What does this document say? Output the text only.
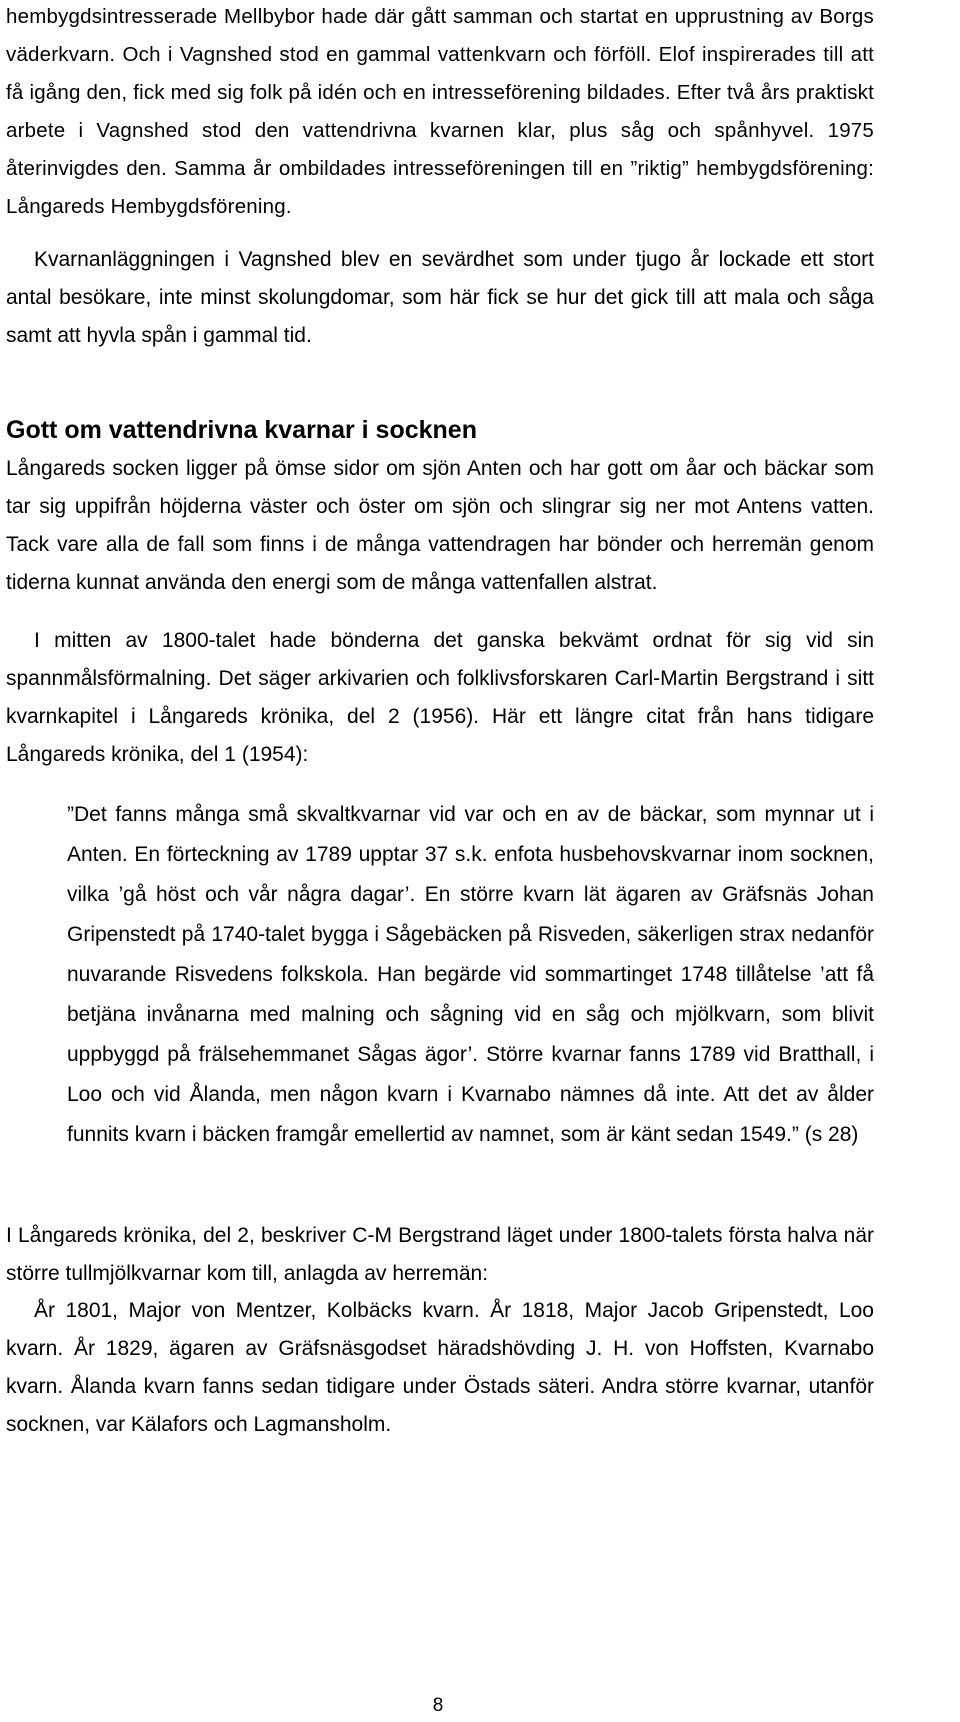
hembygdsintresserade Mellbybor hade där gått samman och startat en upprustning av Borgs väderkvarn. Och i Vagnshed stod en gammal vattenkvarn och förföll. Elof inspirerades till att få igång den, fick med sig folk på idén och en intresseförening bildades. Efter två års praktiskt arbete i Vagnshed stod den vattendrivna kvarnen klar, plus såg och spånhyvel. 1975 återinvigdes den. Samma år ombildades intresseföreningen till en ”riktig” hembygdsförening: Långareds Hembygdsförening.

Kvarnanläggningen i Vagnshed blev en sevärdhet som under tjugo år lockade ett stort antal besökare, inte minst skolungdomar, som här fick se hur det gick till att mala och såga samt att hyvla spån i gammal tid.

Gott om vattendrivna kvarnar i socknen

Långareds socken ligger på ömse sidor om sjön Anten och har gott om åar och bäckar som tar sig uppifrån höjderna väster och öster om sjön och slingrar sig ner mot Antens vatten. Tack vare alla de fall som finns i de många vattendragen har bönder och herremän genom tiderna kunnat använda den energi som de många vattenfallen alstrat.

I mitten av 1800-talet hade bönderna det ganska bekvämt ordnat för sig vid sin spannmålsförmalning. Det säger arkivarien och folklivsforskaren Carl-Martin Bergstrand i sitt kvarnkapitel i Långareds krönika, del 2 (1956). Här ett längre citat från hans tidigare Långareds krönika, del 1 (1954):

”Det fanns många små skvaltkvarnar vid var och en av de bäckar, som mynnar ut i Anten. En förteckning av 1789 upptar 37 s.k. enfota husbehovskvarnar inom socknen, vilka ’gå höst och vår några dagar’. En större kvarn lät ägaren av Gräfsnäs Johan Gripenstedt på 1740-talet bygga i Sågebäcken på Risveden, säkerligen strax nedanför nuvarande Risvedens folkskola. Han begärde vid sommartinget 1748 tillåtelse ’att få betjäna invånarna med malning och sågning vid en såg och mjölkvarn, som blivit uppbyggd på frälsehemmanet Sågas ägor’. Större kvarnar fanns 1789 vid Bratthall, i Loo och vid Ålanda, men någon kvarn i Kvarnabo nämnes då inte. Att det av ålder funnits kvarn i bäcken framgår emellertid av namnet, som är känt sedan 1549.” (s 28)

I Långareds krönika, del 2, beskriver C-M Bergstrand läget under 1800-talets första halva när större tullmjölkvarnar kom till, anlagda av herremän:

År 1801, Major von Mentzer, Kolbäcks kvarn. År 1818, Major Jacob Gripenstedt, Loo kvarn. År 1829, ägaren av Gräfsnäsgodset häradshövding J. H. von Hoffsten, Kvarnabo kvarn. Ålanda kvarn fanns sedan tidigare under Östads säteri. Andra större kvarnar, utanför socknen, var Kälafors och Lagmansholm.

8
